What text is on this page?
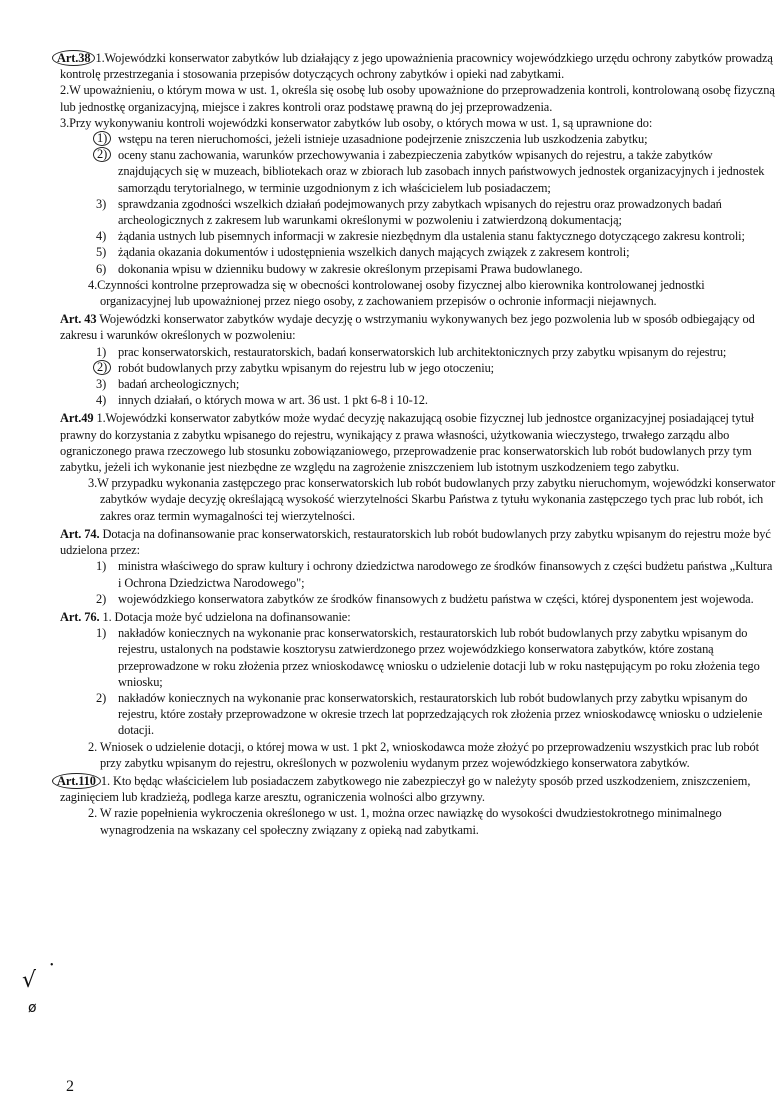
•
√
ø

Art.38 1.Wojewódzki konserwator zabytków lub działający z jego upoważnienia pracownicy wojewódzkiego urzędu ochrony zabytków prowadzą kontrolę przestrzegania i stosowania przepisów dotyczących ochrony zabytków i opieki nad zabytkami.

2.W upoważnieniu, o którym mowa w ust. 1, określa się osobę lub osoby upoważnione do przeprowadzenia kontroli, kontrolowaną osobę fizyczną lub jednostkę organizacyjną, miejsce i zakres kontroli oraz podstawę prawną do jej przeprowadzenia.

3.Przy wykonywaniu kontroli wojewódzki konserwator zabytków lub osoby, o których mowa w ust. 1, są uprawnione do:

1) wstępu na teren nieruchomości, jeżeli istnieje uzasadnione podejrzenie zniszczenia lub uszkodzenia zabytku;

2) oceny stanu zachowania, warunków przechowywania i zabezpieczenia zabytków wpisanych do rejestru, a także zabytków znajdujących się w muzeach, bibliotekach oraz w zbiorach lub zasobach innych państwowych jednostek organizacyjnych i jednostek samorządu terytorialnego, w terminie uzgodnionym z ich właścicielem lub posiadaczem;

3) sprawdzania zgodności wszelkich działań podejmowanych przy zabytkach wpisanych do rejestru oraz prowadzonych badań archeologicznych z zakresem lub warunkami określonymi w pozwoleniu i zatwierdzoną dokumentacją;

4) żądania ustnych lub pisemnych informacji w zakresie niezbędnym dla ustalenia stanu faktycznego dotyczącego zakresu kontroli;

5) żądania okazania dokumentów i udostępnienia wszelkich danych mających związek z zakresem kontroli;

6) dokonania wpisu w dzienniku budowy w zakresie określonym przepisami Prawa budowlanego.

4.Czynności kontrolne przeprowadza się w obecności kontrolowanej osoby fizycznej albo kierownika kontrolowanej jednostki organizacyjnej lub upoważnionej przez niego osoby, z zachowaniem przepisów o ochronie informacji niejawnych.

Art. 43 Wojewódzki konserwator zabytków wydaje decyzję o wstrzymaniu wykonywanych bez jego pozwolenia lub w sposób odbiegający od zakresu i warunków określonych w pozwoleniu:

1) prac konserwatorskich, restauratorskich, badań konserwatorskich lub architektonicznych przy zabytku wpisanym do rejestru;

2) robót budowlanych przy zabytku wpisanym do rejestru lub w jego otoczeniu;

3) badań archeologicznych;

4) innych działań, o których mowa w art. 36 ust. 1 pkt 6-8 i 10-12.

Art.49 1.Wojewódzki konserwator zabytków może wydać decyzję nakazującą osobie fizycznej lub jednostce organizacyjnej posiadającej tytuł prawny do korzystania z zabytku wpisanego do rejestru, wynikający z prawa własności, użytkowania wieczystego, trwałego zarządu albo ograniczonego prawa rzeczowego lub stosunku zobowiązaniowego, przeprowadzenie prac konserwatorskich lub robót budowlanych przy tym zabytku, jeżeli ich wykonanie jest niezbędne ze względu na zagrożenie zniszczeniem lub istotnym uszkodzeniem tego zabytku.

3.W przypadku wykonania zastępczego prac konserwatorskich lub robót budowlanych przy zabytku nieruchomym, wojewódzki konserwator zabytków wydaje decyzję określającą wysokość wierzytelności Skarbu Państwa z tytułu wykonania zastępczego tych prac lub robót, ich zakres oraz termin wymagalności tej wierzytelności.

Art. 74. Dotacja na dofinansowanie prac konserwatorskich, restauratorskich lub robót budowlanych przy zabytku wpisanym do rejestru może być udzielona przez:

1) ministra właściwego do spraw kultury i ochrony dziedzictwa narodowego ze środków finansowych z części budżetu państwa „Kultura i Ochrona Dziedzictwa Narodowego";

2) wojewódzkiego konserwatora zabytków ze środków finansowych z budżetu państwa w części, której dysponentem jest wojewoda.

Art. 76. 1. Dotacja może być udzielona na dofinansowanie:

1) nakładów koniecznych na wykonanie prac konserwatorskich, restauratorskich lub robót budowlanych przy zabytku wpisanym do rejestru, ustalonych na podstawie kosztorysu zatwierdzonego przez wojewódzkiego konserwatora zabytków, które zostaną przeprowadzone w roku złożenia przez wnioskodawcę wniosku o udzielenie dotacji lub w roku następującym po roku złożenia tego wniosku;

2) nakładów koniecznych na wykonanie prac konserwatorskich, restauratorskich lub robót budowlanych przy zabytku wpisanym do rejestru, które zostały przeprowadzone w okresie trzech lat poprzedzających rok złożenia przez wnioskodawcę wniosku o udzielenie dotacji.

2. Wniosek o udzielenie dotacji, o której mowa w ust. 1 pkt 2, wnioskodawca może złożyć po przeprowadzeniu wszystkich prac lub robót przy zabytku wpisanym do rejestru, określonych w pozwoleniu wydanym przez wojewódzkiego konserwatora zabytków.

Art.110 1. Kto będąc właścicielem lub posiadaczem zabytkowego nie zabezpieczył go w należyty sposób przed uszkodzeniem, zniszczeniem, zaginięciem lub kradzieżą, podlega karze aresztu, ograniczenia wolności albo grzywny.

2. W razie popełnienia wykroczenia określonego w ust. 1, można orzec nawiązkę do wysokości dwudziestokrotnego minimalnego wynagrodzenia na wskazany cel społeczny związany z opieką nad zabytkami.

2
